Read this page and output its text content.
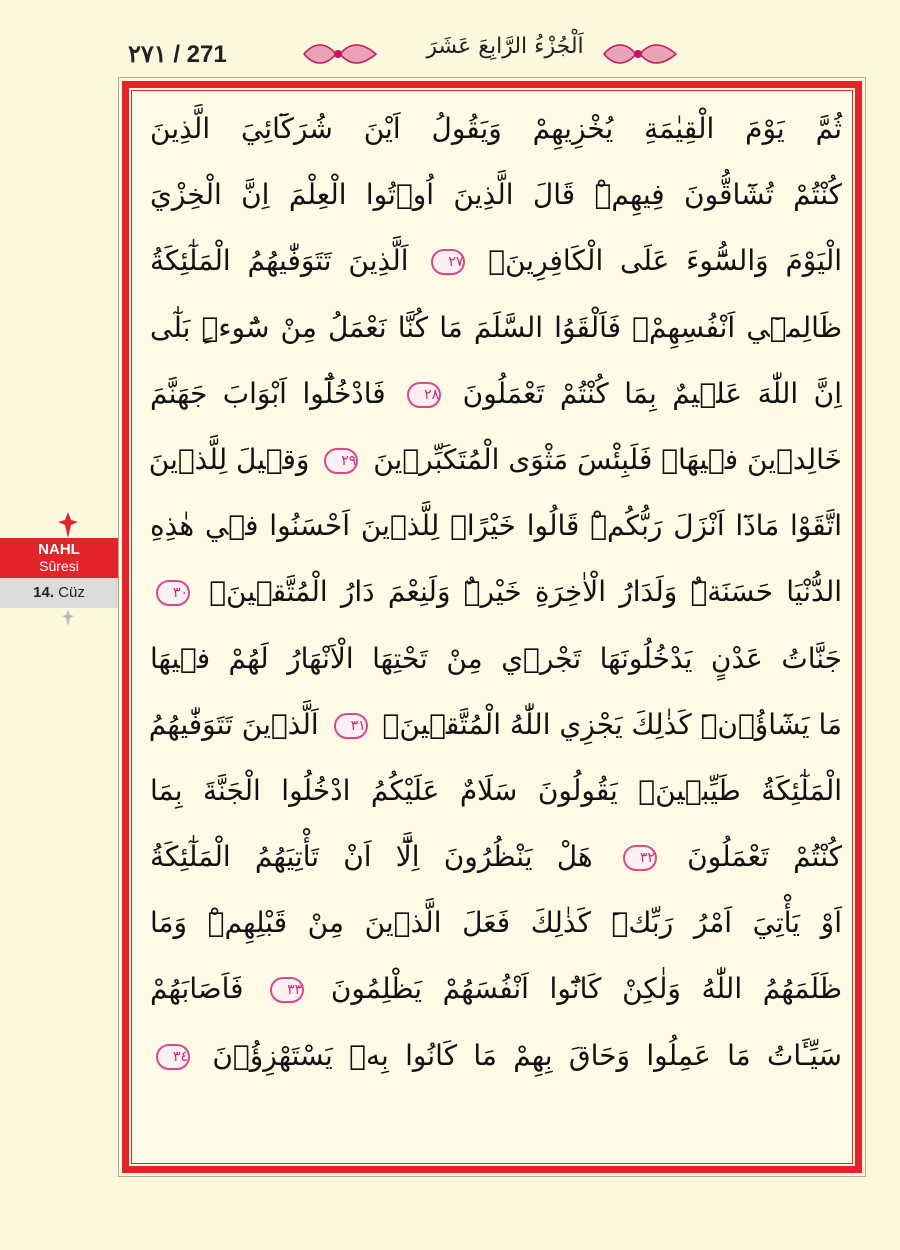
۲۷۱ / 271	اَلْجُزْءُ الرَّابِعَ عَشَرَ
ثُمَّ يَوْمَ الْقِيٰمَةِ يُخْزِيهِمْ وَيَقُولُ اَيْنَ شُرَكَٓائِيَ الَّذِينَ
كُنْتُمْ تُشَٓاقُّونَ فِيهِمْۜ قَالَ الَّذِينَ اُو۫تُوا الْعِلْمَ اِنَّ الْخِزْيَ
الْيَوْمَ وَالسُّٓوءَ عَلَى الْكَافِرِينَۙ ٢٧ اَلَّذِينَ تَتَوَفّٰيهُمُ الْمَلٰٓئِكَةُ
ظَالِمٖٓي اَنْفُسِهِمْۖ فَاَلْقَوُا السَّلَمَ مَا كُنَّا نَعْمَلُ مِنْ سُٓوءٍۜ بَلٰٓى
اِنَّ اللّٰهَ عَلٖيمٌ بِمَا كُنْتُمْ تَعْمَلُونَ ٢٨ فَادْخُلُٓوا اَبْوَابَ جَهَنَّمَ
خَالِدٖينَ فٖيهَاۜ فَلَبِئْسَ مَثْوَى الْمُتَكَبِّرٖينَ ٢٩ وَقٖيلَ لِلَّذٖينَ
اتَّقَوْا مَاذَٓا اَنْزَلَ رَبُّكُمْۜ قَالُوا خَيْرًاۜ لِلَّذٖينَ اَحْسَنُوا فٖي هٰذِهِ
الدُّنْيَا حَسَنَةٌۜ وَلَدَارُ الْاٰخِرَةِ خَيْرٌۜ وَلَنِعْمَ دَارُ الْمُتَّقٖينَۙ ٣٠
جَنَّاتُ عَدْنٍ يَدْخُلُونَهَا تَجْرٖي مِنْ تَحْتِهَا الْاَنْهَارُ لَهُمْ فٖيهَا
مَا يَشَٓاؤُ۫نَۜ كَذٰلِكَ يَجْزِي اللّٰهُ الْمُتَّقٖينَۙ ٣١ اَلَّذٖينَ تَتَوَفّٰيهُمُ
الْمَلٰٓئِكَةُ طَيِّبٖينَۙ يَقُولُونَ سَلَامٌ عَلَيْكُمُ ادْخُلُوا الْجَنَّةَ بِمَا
كُنْتُمْ تَعْمَلُونَ ٣٢ هَلْ يَنْظُرُونَ اِلَّٓا اَنْ تَأْتِيَهُمُ الْمَلٰٓئِكَةُ
اَوْ يَأْتِيَ اَمْرُ رَبِّكَۜ كَذٰلِكَ فَعَلَ الَّذٖينَ مِنْ قَبْلِهِمْۜ وَمَا
ظَلَمَهُمُ اللّٰهُ وَلٰكِنْ كَانُٓوا اَنْفُسَهُمْ يَظْلِمُونَ ٣٣ فَاَصَابَهُمْ
سَيِّـَٔاتُ مَا عَمِلُوا وَحَاقَ بِهِمْ مَا كَانُوا بِهٖ يَسْتَهْزِؤُ۫نَ ٣٤
NAHL
Sûresi
14. Cüz
